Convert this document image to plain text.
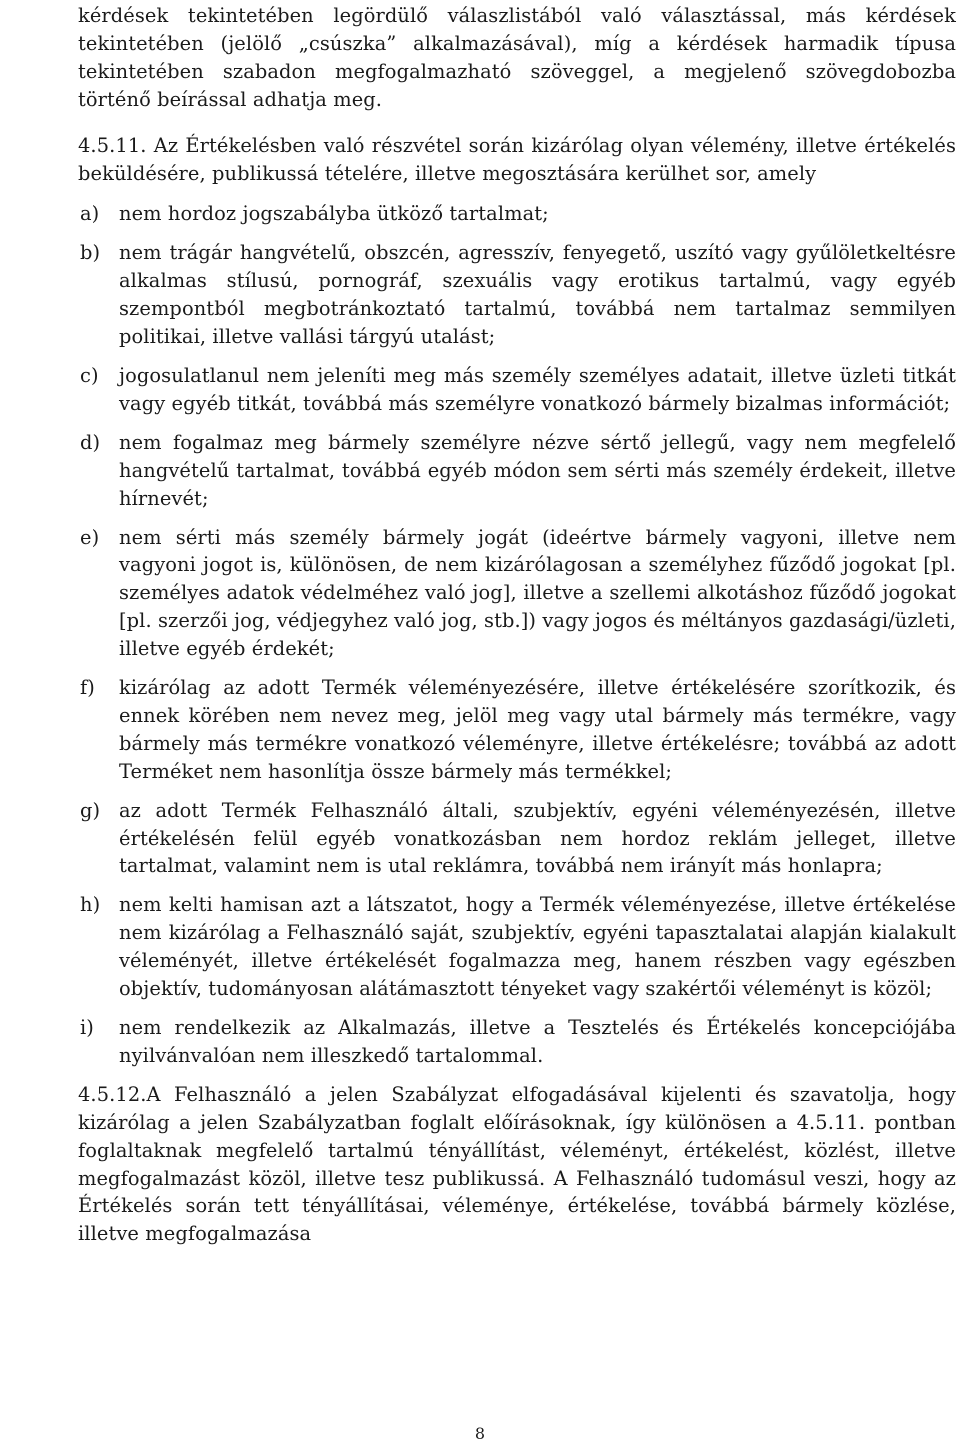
kérdések tekintetében legördülő válaszlistából való választással, más kérdések tekintetében (jelölő „csúszka” alkalmazásával), míg a kérdések harmadik típusa tekintetében szabadon megfogalmazható szöveggel, a megjelenő szövegdobozba történő beírással adhatja meg.

4.5.11. Az Értékelésben való részvétel során kizárólag olyan vélemény, illetve értékelés beküldésére, publikussá tételére, illetve megosztására kerülhet sor, amely

a) nem hordoz jogszabályba ütköző tartalmat;
b) nem trágár hangvételű, obszcén, agresszív, fenyegető, uszító vagy gyűlöletkeltésre alkalmas stílusú, pornográf, szexuális vagy erotikus tartalmú, vagy egyéb szempontból megbotránkoztató tartalmú, továbbá nem tartalmaz semmilyen politikai, illetve vallási tárgyú utalást;
c) jogosulatlanul nem jeleníti meg más személy személyes adatait, illetve üzleti titkát vagy egyéb titkát, továbbá más személyre vonatkozó bármely bizalmas információt;
d) nem fogalmaz meg bármely személyre nézve sértő jellegű, vagy nem megfelelő hangvételű tartalmat, továbbá egyéb módon sem sérti más személy érdekeit, illetve hírnevét;
e) nem sérti más személy bármely jogát (ideértve bármely vagyoni, illetve nem vagyoni jogot is, különösen, de nem kizárólagosan a személyhez fűződő jogokat [pl. személyes adatok védelméhez való jog], illetve a szellemi alkotáshoz fűződő jogokat [pl. szerzői jog, védjegyhez való jog, stb.]) vagy jogos és méltányos gazdasági/üzleti, illetve egyéb érdekét;
f) kizárólag az adott Termék véleményezésére, illetve értékelésére szorítkozik, és ennek körében nem nevez meg, jelöl meg vagy utal bármely más termékre, vagy bármely más termékre vonatkozó véleményre, illetve értékelésre; továbbá az adott Terméket nem hasonlítja össze bármely más termékkel;
g) az adott Termék Felhasználó általi, szubjektív, egyéni véleményezésén, illetve értékelésén felül egyéb vonatkozásban nem hordoz reklám jelleget, illetve tartalmat, valamint nem is utal reklámra, továbbá nem irányít más honlapra;
h) nem kelti hamisan azt a látszatot, hogy a Termék véleményezése, illetve értékelése nem kizárólag a Felhasználó saját, szubjektív, egyéni tapasztalatai alapján kialakult véleményét, illetve értékelését fogalmazza meg, hanem részben vagy egészben objektív, tudományosan alátámasztott tényeket vagy szakértői véleményt is közöl;
i) nem rendelkezik az Alkalmazás, illetve a Tesztelés és Értékelés koncepciójába nyilvánvalóan nem illeszkedő tartalommal.

4.5.12.A Felhasználó a jelen Szabályzat elfogadásával kijelenti és szavatolja, hogy kizárólag a jelen Szabályzatban foglalt előírásoknak, így különösen a 4.5.11. pontban foglaltaknak megfelelő tartalmú tényállítást, véleményt, értékelést, közlést, illetve megfogalmazást közöl, illetve tesz publikussá. A Felhasználó tudomásul veszi, hogy az Értékelés során tett tényállításai, véleménye, értékelése, továbbá bármely közlése, illetve megfogalmazása

8
